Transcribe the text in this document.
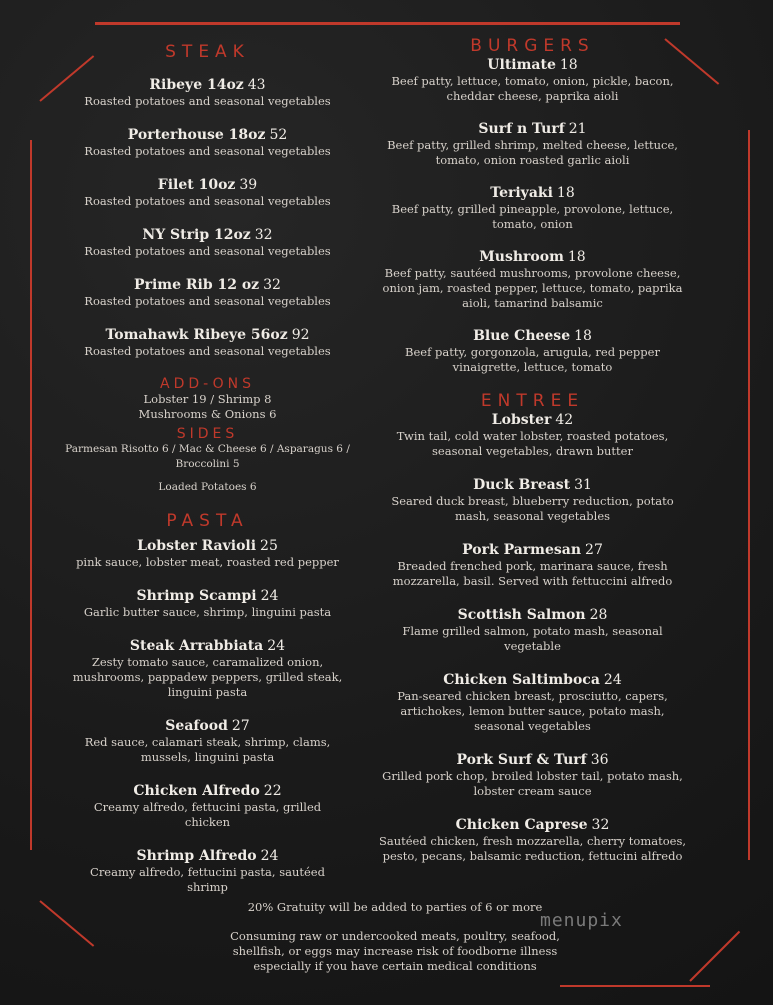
STEAK
Ribeye 14oz 43
Roasted potatoes and seasonal vegetables
Porterhouse 18oz 52
Roasted potatoes and seasonal vegetables
Filet 10oz 39
Roasted potatoes and seasonal vegetables
NY Strip 12oz 32
Roasted potatoes and seasonal vegetables
Prime Rib 12 oz 32
Roasted potatoes and seasonal vegetables
Tomahawk Ribeye 56oz 92
Roasted potatoes and seasonal vegetables
ADD-ONS
Lobster 19 / Shrimp 8
Mushrooms & Onions 6
SIDES
Parmesan Risotto 6 / Mac & Cheese 6 / Asparagus 6 /
Broccolini 5
Loaded Potatoes 6
PASTA
Lobster Ravioli 25
pink sauce, lobster meat, roasted red pepper
Shrimp Scampi 24
Garlic butter sauce, shrimp, linguini pasta
Steak Arrabbiata 24
Zesty tomato sauce, caramalized onion, mushrooms, pappadew peppers, grilled steak, linguini pasta
Seafood 27
Red sauce, calamari steak, shrimp, clams, mussels, linguini pasta
Chicken Alfredo 22
Creamy alfredo, fettucini pasta, grilled chicken
Shrimp Alfredo 24
Creamy alfredo, fettucini pasta, sautéed shrimp
BURGERS
Ultimate 18
Beef patty, lettuce, tomato, onion, pickle, bacon, cheddar cheese, paprika aioli
Surf n Turf 21
Beef patty, grilled shrimp, melted cheese, lettuce, tomato, onion roasted garlic aioli
Teriyaki 18
Beef patty, grilled pineapple, provolone, lettuce, tomato, onion
Mushroom 18
Beef patty, sautéed mushrooms, provolone cheese, onion jam, roasted pepper, lettuce, tomato, paprika aioli, tamarind balsamic
Blue Cheese 18
Beef patty, gorgonzola, arugula, red pepper vinaigrette, lettuce, tomato
ENTREE
Lobster 42
Twin tail, cold water lobster, roasted potatoes, seasonal vegetables, drawn butter
Duck Breast 31
Seared duck breast, blueberry reduction, potato mash, seasonal vegetables
Pork Parmesan 27
Breaded frenched pork, marinara sauce, fresh mozzarella, basil. Served with fettuccini alfredo
Scottish Salmon 28
Flame grilled salmon, potato mash, seasonal vegetable
Chicken Saltimboca 24
Pan-seared chicken breast, prosciutto, capers, artichokes, lemon butter sauce, potato mash, seasonal vegetables
Pork Surf & Turf 36
Grilled pork chop, broiled lobster tail, potato mash, lobster cream sauce
Chicken Caprese 32
Sautéed chicken, fresh mozzarella, cherry tomatoes, pesto, pecans, balsamic reduction, fettucini alfredo
20% Gratuity will be added to parties of 6 or more
Consuming raw or undercooked meats, poultry, seafood,
shellfish, or eggs may increase risk of foodborne illness
especially if you have certain medical conditions
menupix
